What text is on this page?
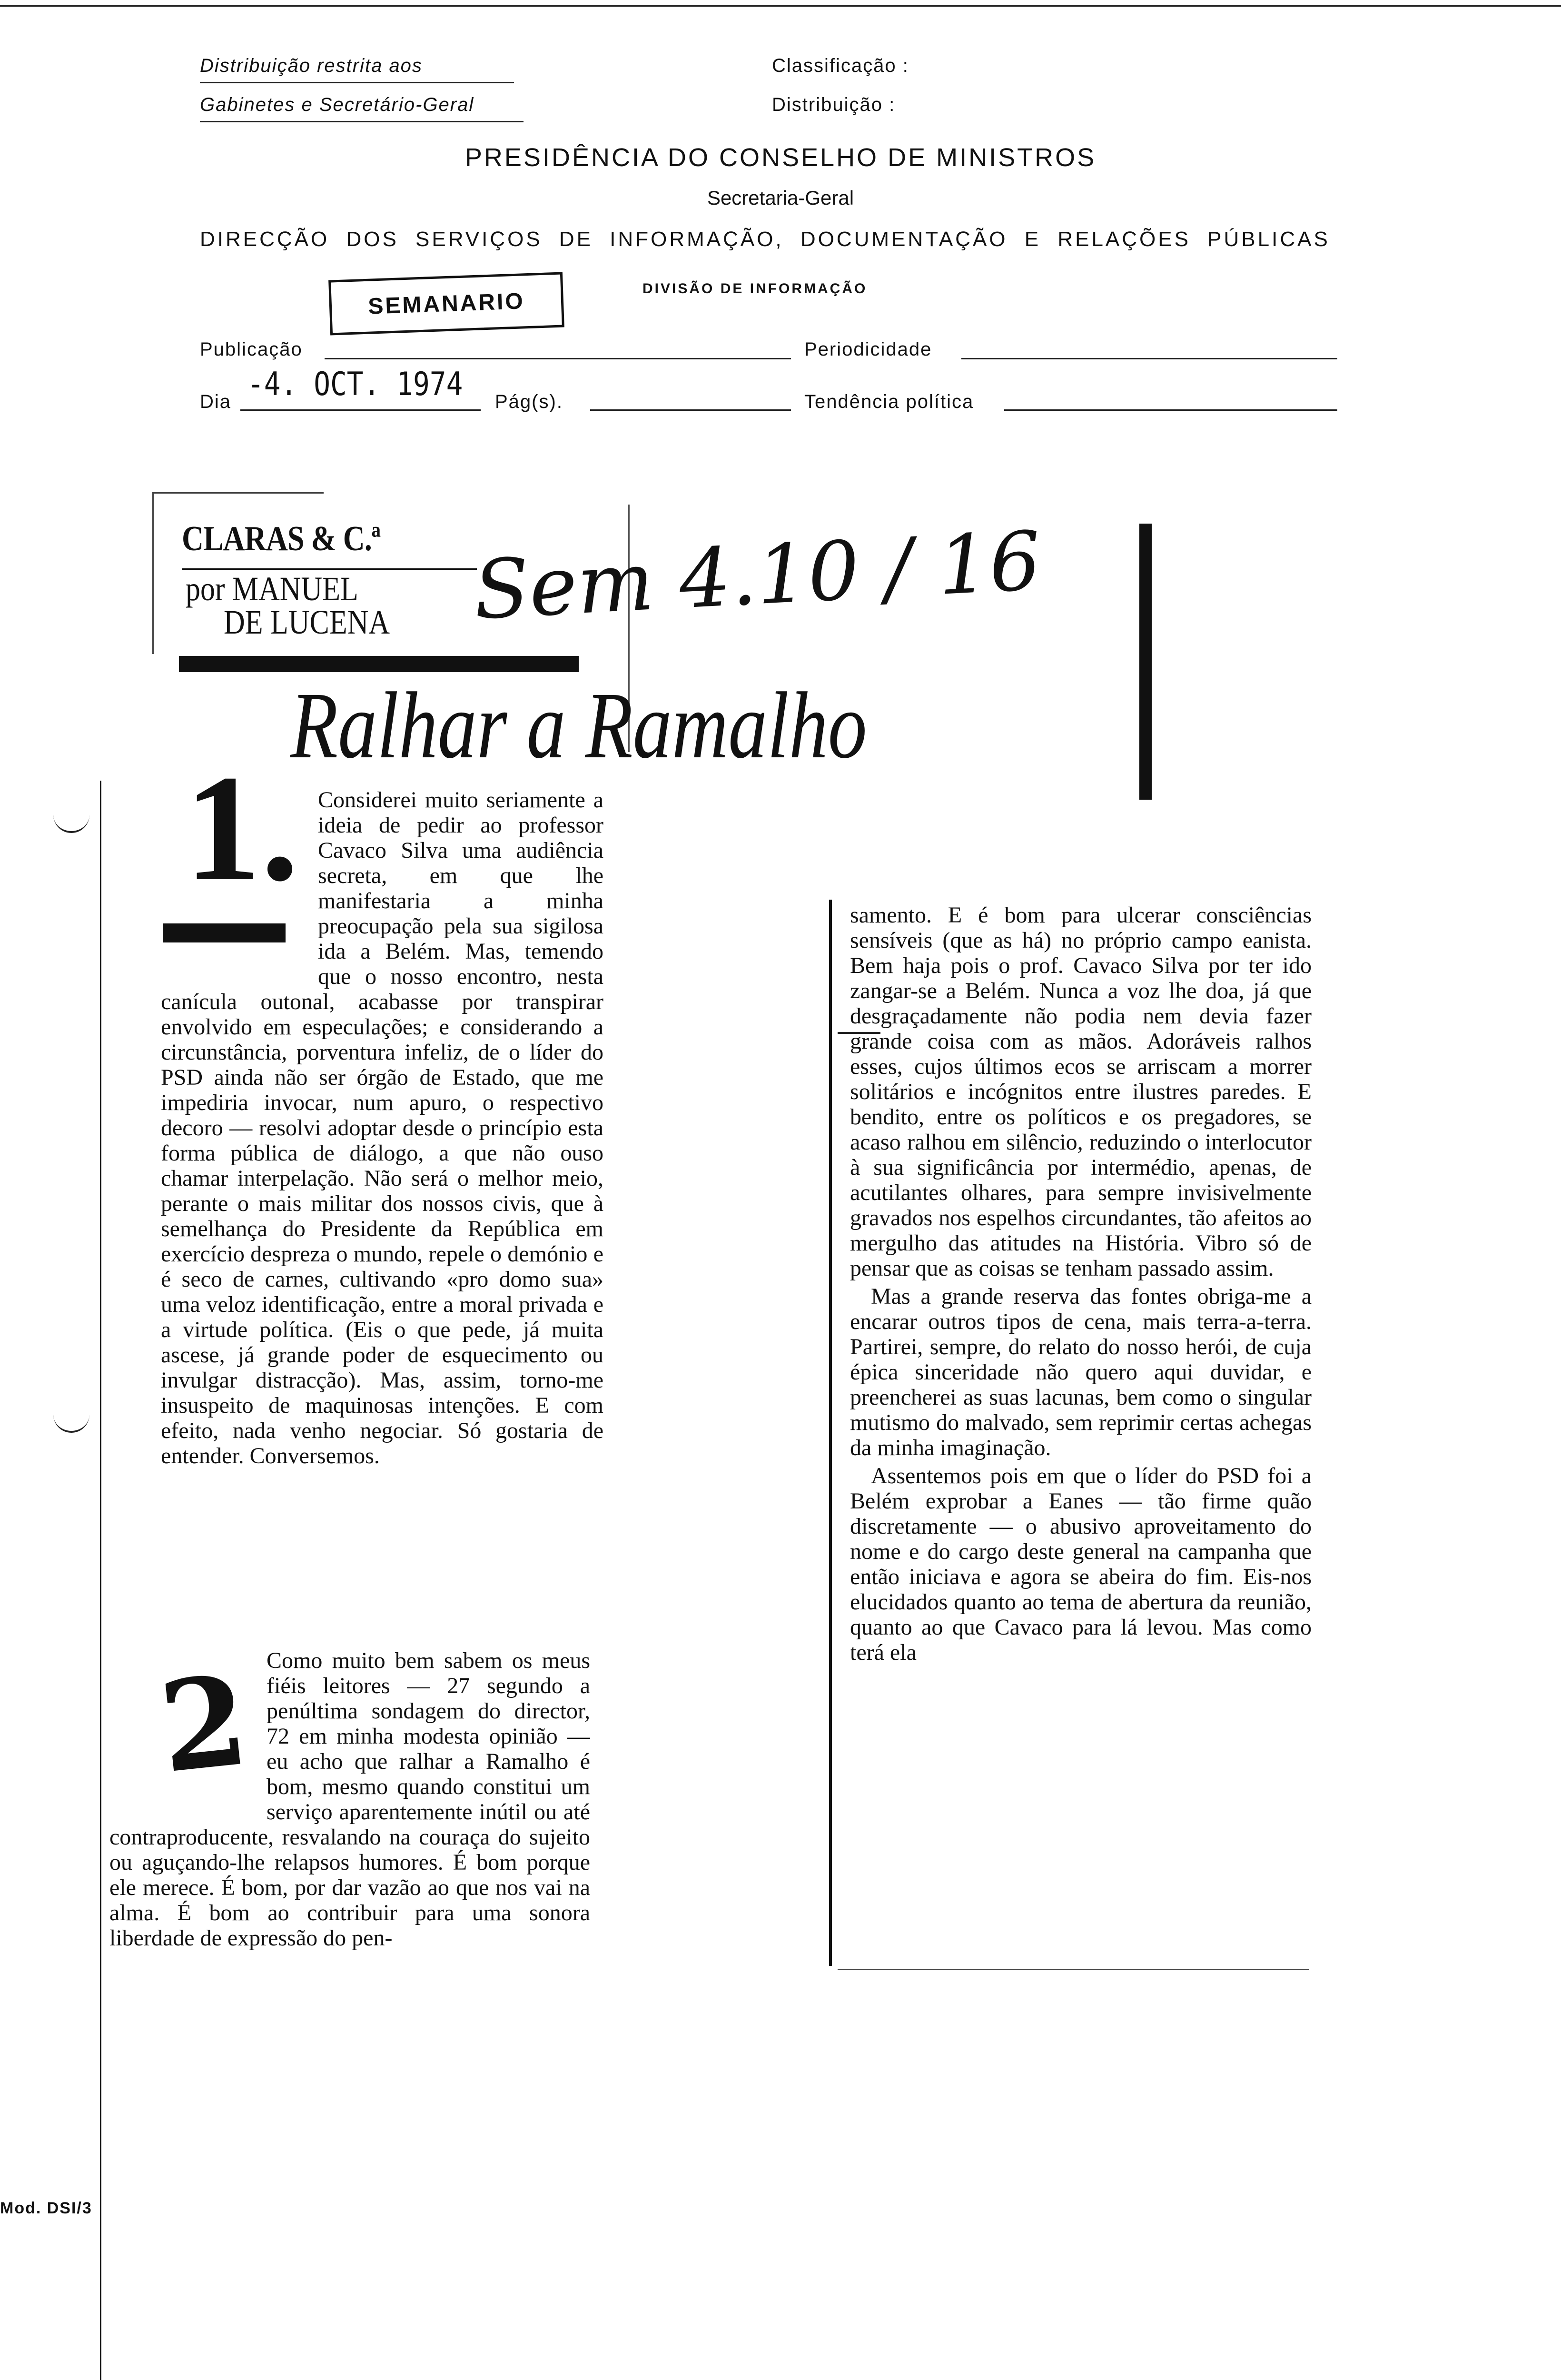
Distribuição restrita aos
Gabinetes e Secretário-Geral
Classificação :
Distribuição :
PRESIDÊNCIA DO CONSELHO DE MINISTROS
Secretaria-Geral
DIRECÇÃO DOS SERVIÇOS DE INFORMAÇÃO, DOCUMENTAÇÃO E RELAÇÕES PÚBLICAS
DIVISÃO DE INFORMAÇÃO
SEMANARIO
Publicação	Periodicidade
Dia -4. OCT. 1974 Pág(s).	Tendência política
CLARAS & C.ª
por MANUEL
DE LUCENA Sem 4.10 / 16
Ralhar a Ramalho
1. Considerei muito seriamente a ideia de pedir ao professor Cavaco Silva uma audiência secreta, em que lhe manifestaria a minha preocupação pela sua sigilosa ida a Belém. Mas, temendo que o nosso encontro, nesta canícula outonal, acabasse por transpirar envolvido em especulações; e considerando a circunstância, porventura infeliz, de o líder do PSD ainda não ser órgão de Estado, que me impediria invocar, num apuro, o respectivo decoro — resolvi adoptar desde o princípio esta forma pública de diálogo, a que não ouso chamar interpelação. Não será o melhor meio, perante o mais militar dos nossos civis, que à semelhança do Presidente da República em exercício despreza o mundo, repele o demónio e é seco de carnes, cultivando «pro domo sua» uma veloz identificação, entre a moral privada e a virtude política. (Eis o que pede, já muita ascese, já grande poder de esquecimento ou invulgar distracção). Mas, assim, torno-me insuspeito de maquinosas intenções. E com efeito, nada venho negociar. Só gostaria de entender. Conversemos.

2 Como muito bem sabem os meus fiéis leitores — 27 segundo a penúltima sondagem do director, 72 em minha modesta opinião — eu acho que ralhar a Ramalho é bom, mesmo quando constitui um serviço aparentemente inútil ou até contraproducente, resvalando na couraça do sujeito ou aguçando-lhe relapsos humores. É bom porque ele merece. É bom, por dar vazão ao que nos vai na alma. É bom ao contribuir para uma sonora liberdade de expressão do pen-

samento. E é bom para ulcerar consciências sensíveis (que as há) no próprio campo eanista. Bem haja pois o prof. Cavaco Silva por ter ido zangar-se a Belém. Nunca a voz lhe doa, já que desgraçadamente não podia nem devia fazer grande coisa com as mãos. Adoráveis ralhos esses, cujos últimos ecos se arriscam a morrer solitários e incógnitos entre ilustres paredes. E bendito, entre os políticos e os pregadores, se acaso ralhou em silêncio, reduzindo o interlocutor à sua significância por intermédio, apenas, de acutilantes olhares, para sempre invisivelmente gravados nos espelhos circundantes, tão afeitos ao mergulho das atitudes na História. Vibro só de pensar que as coisas se tenham passado assim.

Mas a grande reserva das fontes obriga-me a encarar outros tipos de cena, mais terra-a-terra. Partirei, sempre, do relato do nosso herói, de cuja épica sinceridade não quero aqui duvidar, e preencherei as suas lacunas, bem como o singular mutismo do malvado, sem reprimir certas achegas da minha imaginação.

Assentemos pois em que o líder do PSD foi a Belém exprobar a Eanes — tão firme quão discretamente — o abusivo aproveitamento do nome e do cargo deste general na campanha que então iniciava e agora se abeira do fim. Eis-nos elucidados quanto ao tema de abertura da reunião, quanto ao que Cavaco para lá levou. Mas como terá ela

Mod. DSI/3
